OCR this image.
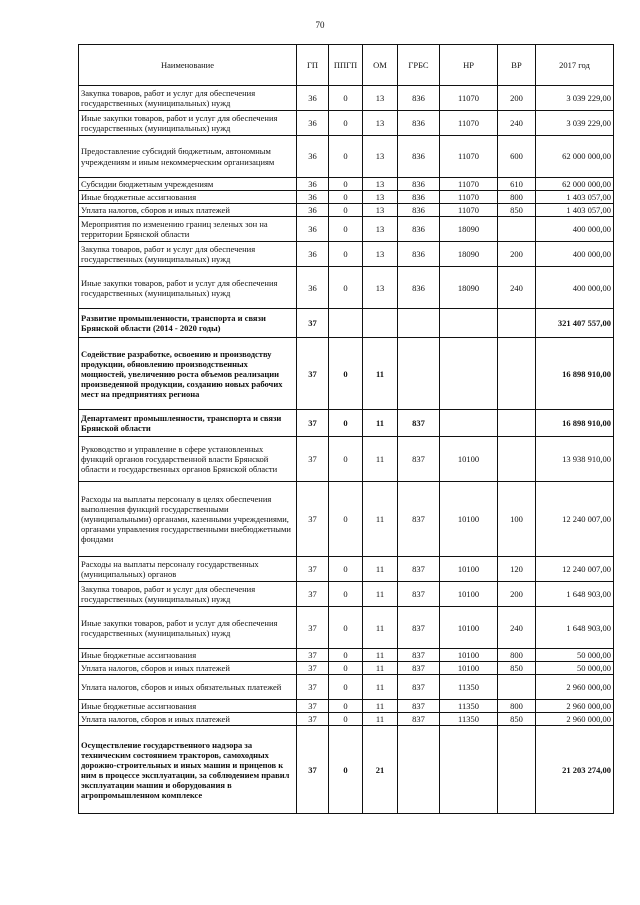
70
Наименование	ГП	ППГП	ОМ	ГРБС	НР	ВР	2017 год
Закупка товаров, работ и услуг для обеспечения государственных (муниципальных) нужд	36	0	13	836	11070	200	3 039 229,00
Иные закупки товаров, работ и услуг для обеспечения государственных (муниципальных) нужд	36	0	13	836	11070	240	3 039 229,00
Предоставление субсидий бюджетным, автономным учреждениям и иным некоммерческим организациям	36	0	13	836	11070	600	62 000 000,00
Субсидии бюджетным учреждениям	36	0	13	836	11070	610	62 000 000,00
Иные бюджетные ассигнования	36	0	13	836	11070	800	1 403 057,00
Уплата налогов, сборов и иных платежей	36	0	13	836	11070	850	1 403 057,00
Мероприятия по изменению границ зеленых зон на территории Брянской области	36	0	13	836	18090		400 000,00
Закупка товаров, работ и услуг для обеспечения государственных (муниципальных) нужд	36	0	13	836	18090	200	400 000,00
Иные закупки товаров, работ и услуг для обеспечения государственных (муниципальных) нужд	36	0	13	836	18090	240	400 000,00
Развитие промышленности, транспорта и связи Брянской области (2014 - 2020 годы)	37						321 407 557,00
Содействие разработке, освоению и производству продукции, обновлению производственных мощностей, увеличению роста объемов реализации произведенной продукции, созданию новых рабочих мест на предприятиях региона	37	0	11				16 898 910,00
Департамент промышленности, транспорта и связи Брянской области	37	0	11	837			16 898 910,00
Руководство и управление в сфере установленных функций органов государственной власти Брянской области и государственных органов Брянской области	37	0	11	837	10100		13 938 910,00
Расходы на выплаты персоналу в целях обеспечения выполнения функций государственными (муниципальными) органами, казенными учреждениями, органами управления государственными внебюджетными фондами	37	0	11	837	10100	100	12 240 007,00
Расходы на выплаты персоналу государственных (муниципальных) органов	37	0	11	837	10100	120	12 240 007,00
Закупка товаров, работ и услуг для обеспечения государственных (муниципальных) нужд	37	0	11	837	10100	200	1 648 903,00
Иные закупки товаров, работ и услуг для обеспечения государственных (муниципальных) нужд	37	0	11	837	10100	240	1 648 903,00
Иные бюджетные ассигнования	37	0	11	837	10100	800	50 000,00
Уплата налогов, сборов и иных платежей	37	0	11	837	10100	850	50 000,00
Уплата налогов, сборов и иных обязательных платежей	37	0	11	837	11350		2 960 000,00
Иные бюджетные ассигнования	37	0	11	837	11350	800	2 960 000,00
Уплата налогов, сборов и иных платежей	37	0	11	837	11350	850	2 960 000,00
Осуществление государственного надзора за техническим состоянием тракторов, самоходных дорожно-строительных и иных машин и прицепов к ним в процессе эксплуатации, за соблюдением правил эксплуатации машин и оборудования в агропромышленном комплексе	37	0	21				21 203 274,00
